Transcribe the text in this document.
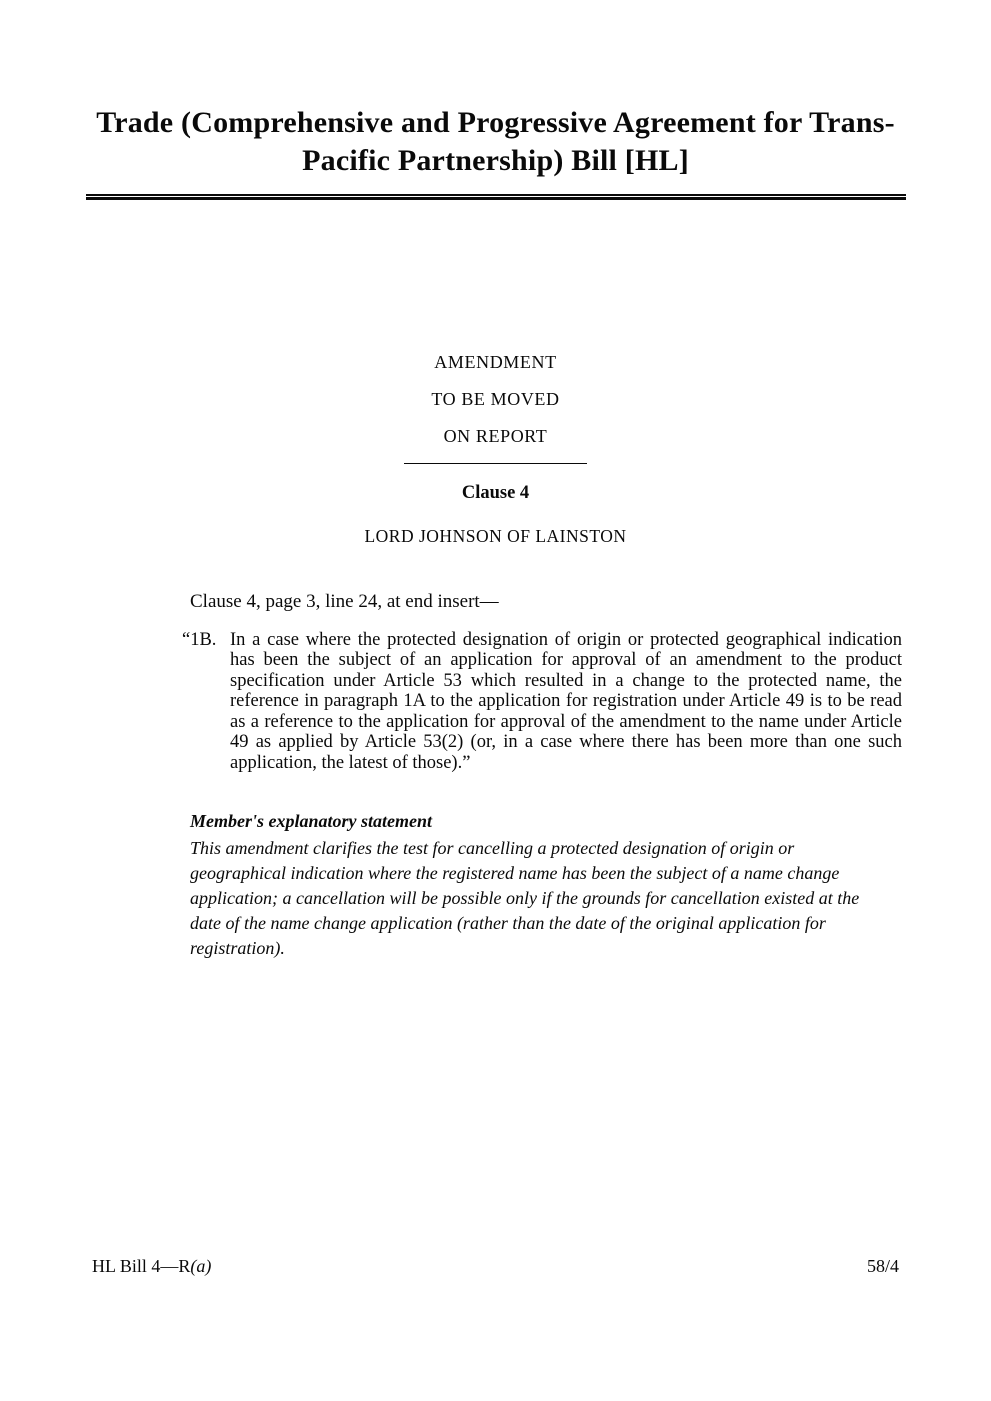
Trade (Comprehensive and Progressive Agreement for Trans-Pacific Partnership) Bill [HL]
AMENDMENT
TO BE MOVED
ON REPORT
Clause 4
LORD JOHNSON OF LAINSTON
Clause 4, page 3, line 24, at end insert—
“1B. In a case where the protected designation of origin or protected geographical indication has been the subject of an application for approval of an amendment to the product specification under Article 53 which resulted in a change to the protected name, the reference in paragraph 1A to the application for registration under Article 49 is to be read as a reference to the application for approval of the amendment to the name under Article 49 as applied by Article 53(2) (or, in a case where there has been more than one such application, the latest of those).”
Member's explanatory statement
This amendment clarifies the test for cancelling a protected designation of origin or geographical indication where the registered name has been the subject of a name change application; a cancellation will be possible only if the grounds for cancellation existed at the date of the name change application (rather than the date of the original application for registration).
HL Bill 4—R(a)	58/4
